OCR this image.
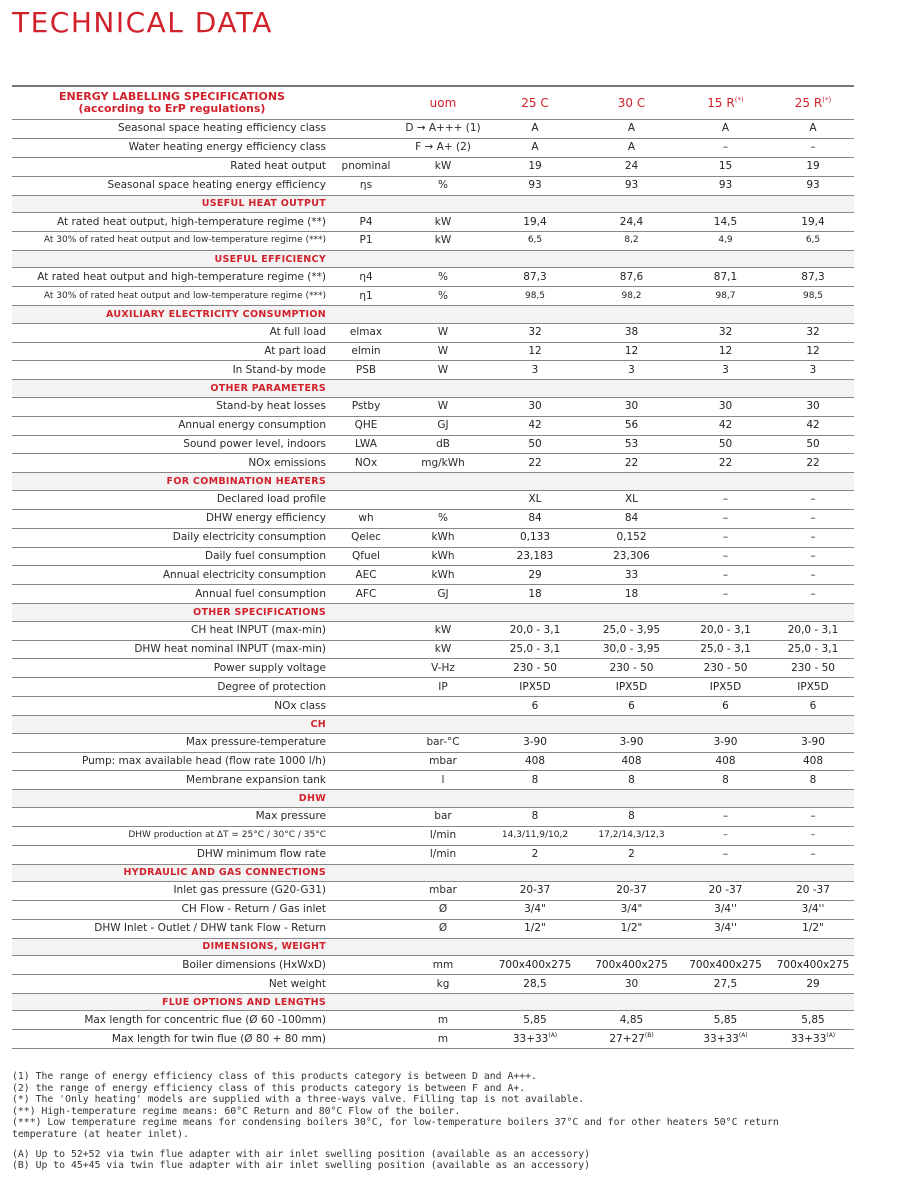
TECHNICAL DATA
ENERGY LABELLING SPECIFICATIONS
(according to ErP regulations)		uom	25 C	30 C	15 R(*)	25 R(*)
Seasonal space heating efficiency class		D → A+++ (1)	A	A	A	A
Water heating energy efficiency class		F → A+ (2)	A	A	–	–
Rated heat output	pnominal	kW	19	24	15	19
Seasonal space heating energy efficiency	ηs	%	93	93	93	93
USEFUL HEAT OUTPUT						
At rated heat output, high-temperature regime (**)	P4	kW	19,4	24,4	14,5	19,4
At 30% of rated heat output and low-temperature regime (***)	P1	kW	6,5	8,2	4,9	6,5
USEFUL EFFICIENCY						
At rated heat output and high-temperature regime (**)	η4	%	87,3	87,6	87,1	87,3
At 30% of rated heat output and low-temperature regime (***)	η1	%	98,5	98,2	98,7	98,5
AUXILIARY ELECTRICITY CONSUMPTION						
At full load	elmax	W	32	38	32	32
At part load	elmin	W	12	12	12	12
In Stand-by mode	PSB	W	3	3	3	3
OTHER PARAMETERS						
Stand-by heat losses	Pstby	W	30	30	30	30
Annual energy consumption	QHE	GJ	42	56	42	42
Sound power level, indoors	LWA	dB	50	53	50	50
NOx emissions	NOx	mg/kWh	22	22	22	22
FOR COMBINATION HEATERS						
Declared load profile			XL	XL	–	–
DHW energy efficiency	wh	%	84	84	–	–
Daily electricity consumption	Qelec	kWh	0,133	0,152	–	–
Daily fuel consumption	Qfuel	kWh	23,183	23,306	–	–
Annual electricity consumption	AEC	kWh	29	33	–	–
Annual fuel consumption	AFC	GJ	18	18	–	–
OTHER SPECIFICATIONS						
CH heat INPUT (max-min)		kW	20,0 - 3,1	25,0 - 3,95	20,0 - 3,1	20,0 - 3,1
DHW heat nominal INPUT (max-min)		kW	25,0 - 3,1	30,0 - 3,95	25,0 - 3,1	25,0 - 3,1
Power supply voltage		V-Hz	230 - 50	230 - 50	230 - 50	230 - 50
Degree of protection		IP	IPX5D	IPX5D	IPX5D	IPX5D
NOx class			6	6	6	6
CH						
Max pressure-temperature		bar-°C	3-90	3-90	3-90	3-90
Pump: max available head (flow rate 1000 l/h)		mbar	408	408	408	408
Membrane expansion tank		l	8	8	8	8
DHW						
Max pressure		bar	8	8	–	–
DHW production at ΔT = 25°C / 30°C / 35°C		l/min	14,3/11,9/10,2	17,2/14,3/12,3	–	–
DHW minimum flow rate		l/min	2	2	–	–
HYDRAULIC AND GAS CONNECTIONS						
Inlet gas pressure (G20-G31)		mbar	20-37	20-37	20 -37	20 -37
CH Flow - Return / Gas inlet		Ø	3/4"	3/4"	3/4''	3/4''
DHW Inlet - Outlet / DHW tank Flow - Return		Ø	1/2"	1/2"	3/4''	1/2"
DIMENSIONS, WEIGHT						
Boiler dimensions (HxWxD)		mm	700x400x275	700x400x275	700x400x275	700x400x275
Net weight		kg	28,5	30	27,5	29
FLUE OPTIONS AND LENGTHS						
Max length for concentric flue (Ø 60 -100mm)		m	5,85	4,85	5,85	5,85
Max length for twin flue (Ø 80 + 80 mm)		m	33+33$^{(A)}$	27+27$^{(B)}$	33+33$^{(A)}$	33+33$^{(A)}$
(1) The range of energy efficiency class of this products category is between D and A+++.
(2) the range of energy efficiency class of this products category is between F and A+.
(*) The 'Only heating' models are supplied with a three-ways valve. Filling tap is not available.
(**) High-temperature regime means: 60°C Return and 80°C Flow of the boiler.
(***) Low temperature regime means for condensing boilers 30°C, for low-temperature boilers 37°C and for other heaters 50°C return temperature (at heater inlet).
(A) Up to 52+52 via twin flue adapter with air inlet swelling position (available as an accessory)
(B) Up to 45+45 via twin flue adapter with air inlet swelling position (available as an accessory)
